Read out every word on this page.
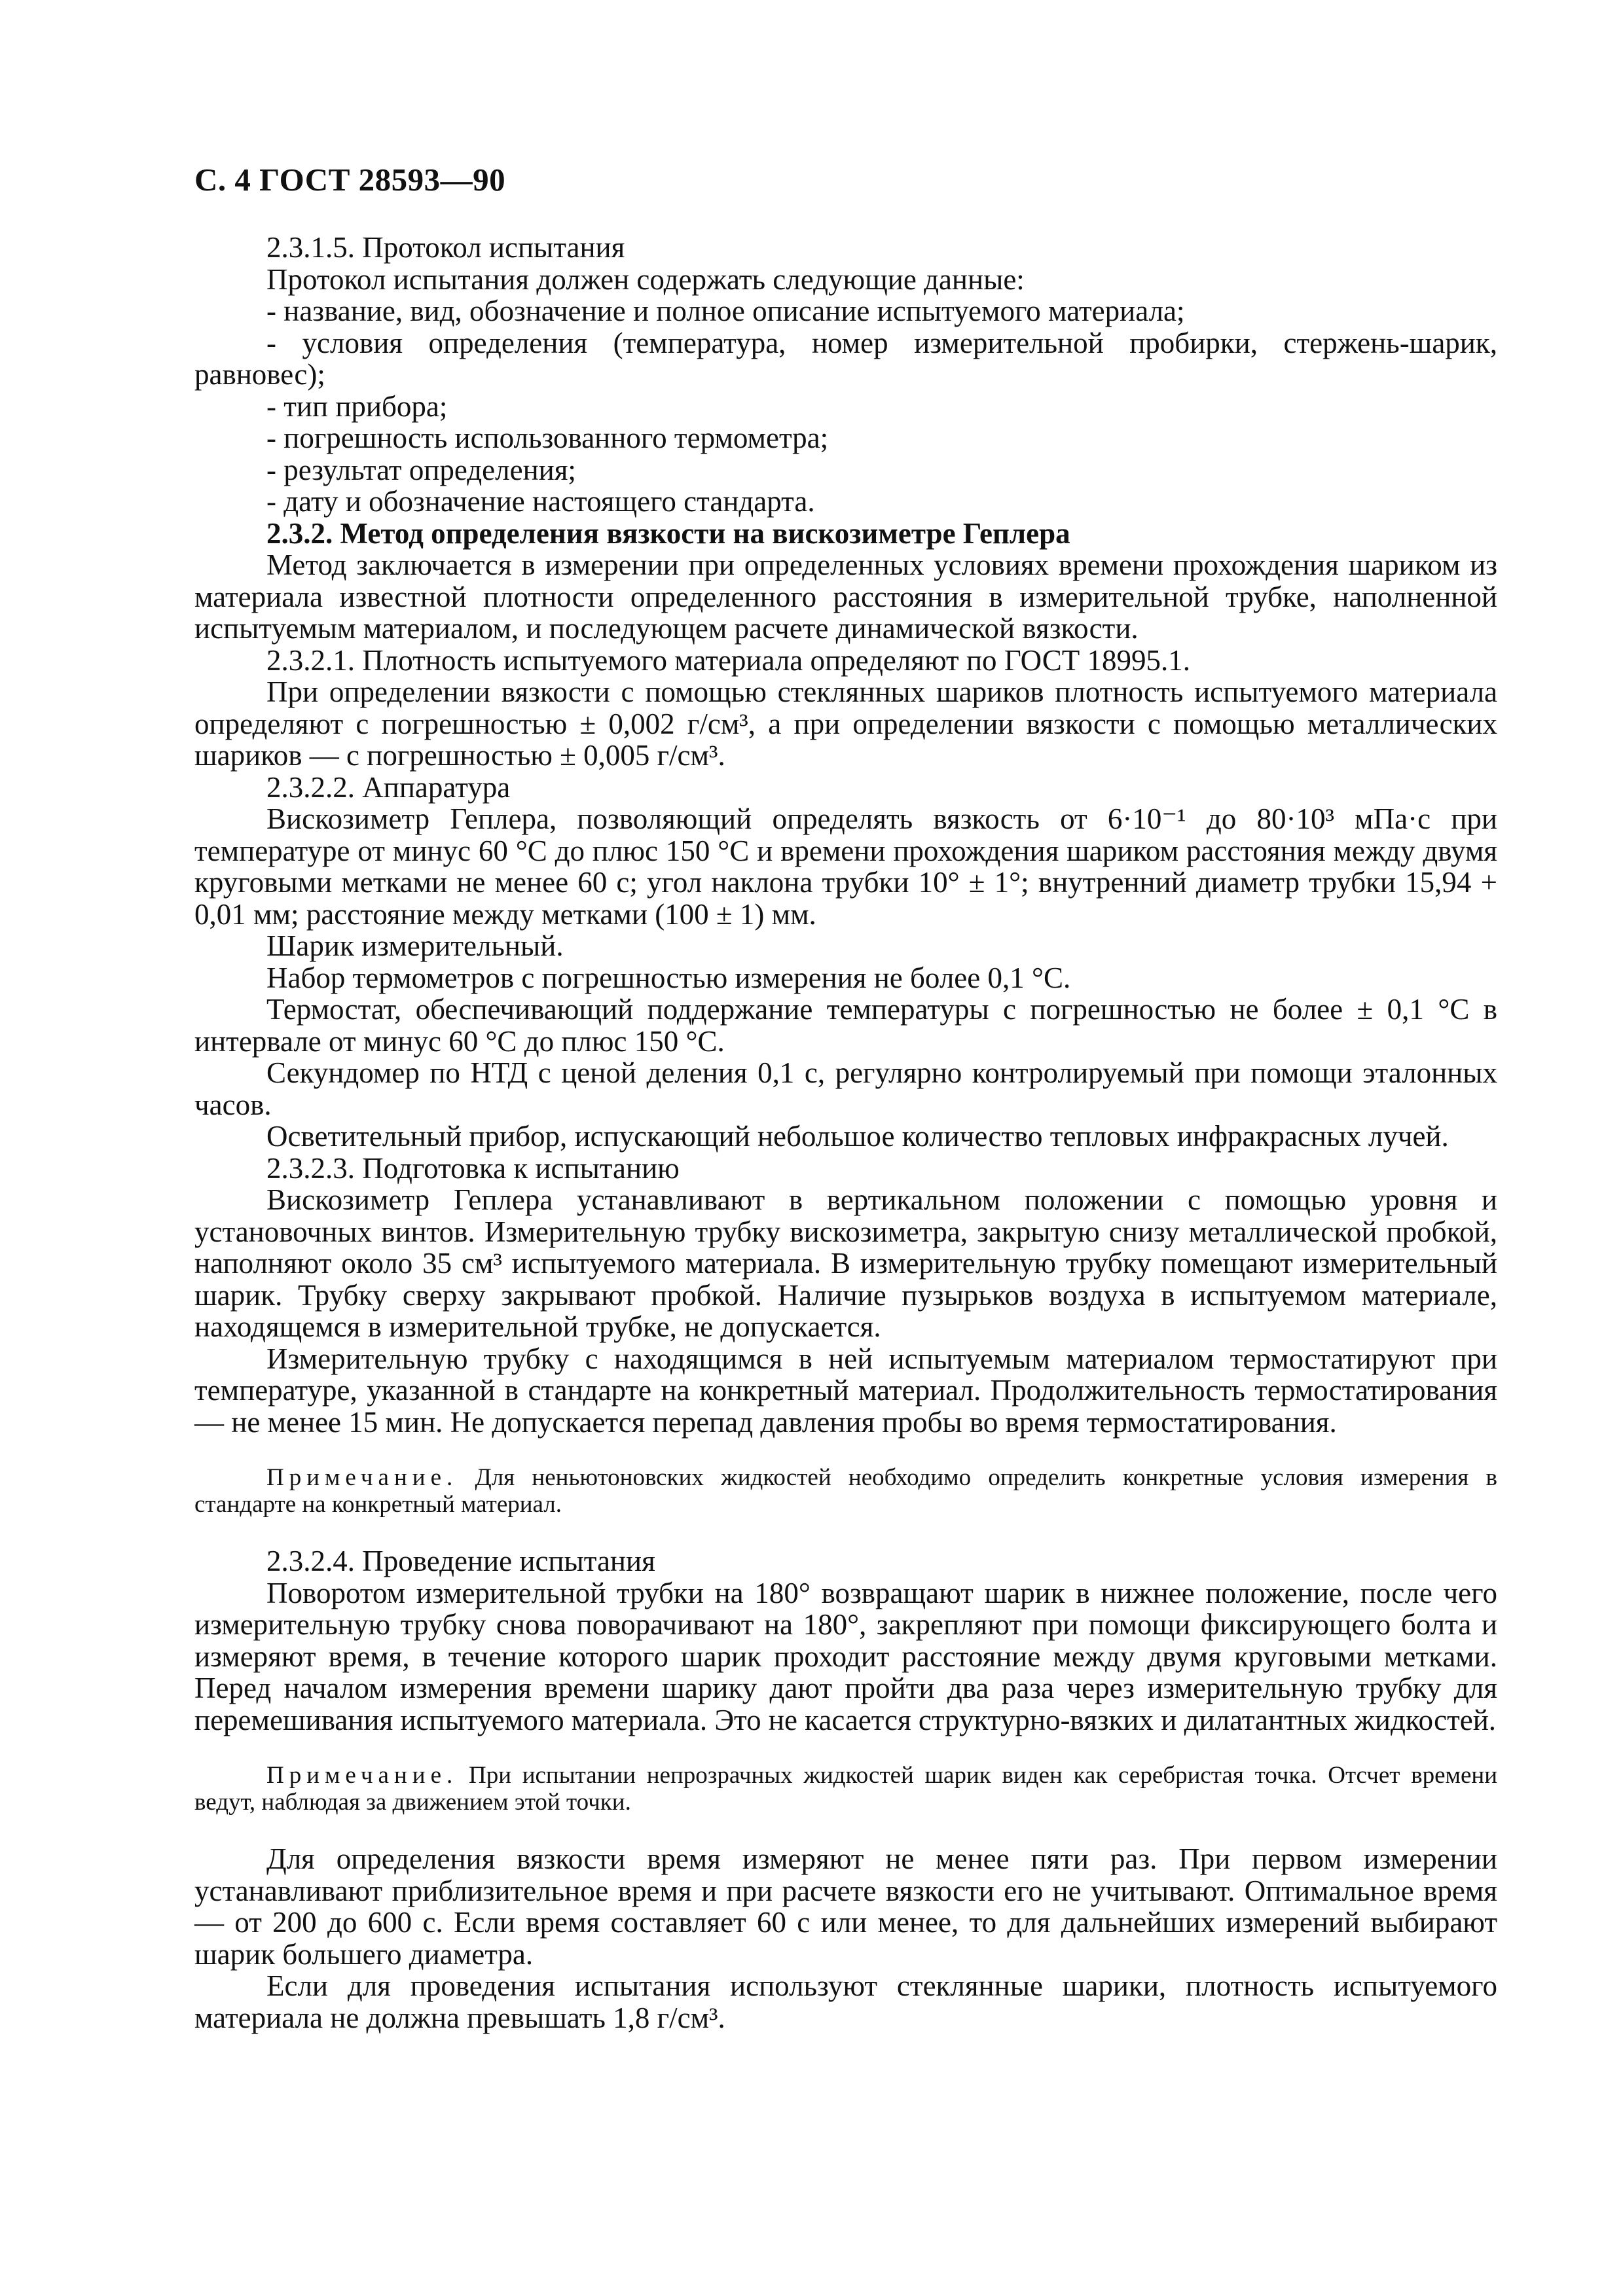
С. 4 ГОСТ 28593—90

2.3.1.5. Протокол испытания

Протокол испытания должен содержать следующие данные:

- название, вид, обозначение и полное описание испытуемого материала;

- условия определения (температура, номер измерительной пробирки, стержень-шарик, равновес);

- тип прибора;

- погрешность использованного термометра;

- результат определения;

- дату и обозначение настоящего стандарта.

2.3.2. Метод определения вязкости на вискозиметре Геплера

Метод заключается в измерении при определенных условиях времени прохождения шариком из материала известной плотности определенного расстояния в измерительной трубке, наполненной испытуемым материалом, и последующем расчете динамической вязкости.

2.3.2.1. Плотность испытуемого материала определяют по ГОСТ 18995.1.

При определении вязкости с помощью стеклянных шариков плотность испытуемого материала определяют с погрешностью ± 0,002 г/см³, а при определении вязкости с помощью металлических шариков — с погрешностью ± 0,005 г/см³.

2.3.2.2. Аппаратура

Вискозиметр Геплера, позволяющий определять вязкость от 6·10⁻¹ до 80·10³ мПа·с при температуре от минус 60 °С до плюс 150 °С и времени прохождения шариком расстояния между двумя круговыми метками не менее 60 с; угол наклона трубки 10° ± 1°; внутренний диаметр трубки 15,94 + 0,01 мм; расстояние между метками (100 ± 1) мм.

Шарик измерительный.

Набор термометров с погрешностью измерения не более 0,1 °С.

Термостат, обеспечивающий поддержание температуры с погрешностью не более ± 0,1 °С в интервале от минус 60 °С до плюс 150 °С.

Секундомер по НТД с ценой деления 0,1 с, регулярно контролируемый при помощи эталонных часов.

Осветительный прибор, испускающий небольшое количество тепловых инфракрасных лучей.

2.3.2.3. Подготовка к испытанию

Вискозиметр Геплера устанавливают в вертикальном положении с помощью уровня и установочных винтов. Измерительную трубку вискозиметра, закрытую снизу металлической пробкой, наполняют около 35 см³ испытуемого материала. В измерительную трубку помещают измерительный шарик. Трубку сверху закрывают пробкой. Наличие пузырьков воздуха в испытуемом материале, находящемся в измерительной трубке, не допускается.

Измерительную трубку с находящимся в ней испытуемым материалом термостатируют при температуре, указанной в стандарте на конкретный материал. Продолжительность термостатирования — не менее 15 мин. Не допускается перепад давления пробы во время термостатирования.

Примечание. Для неньютоновских жидкостей необходимо определить конкретные условия измерения в стандарте на конкретный материал.

2.3.2.4. Проведение испытания

Поворотом измерительной трубки на 180° возвращают шарик в нижнее положение, после чего измерительную трубку снова поворачивают на 180°, закрепляют при помощи фиксирующего болта и измеряют время, в течение которого шарик проходит расстояние между двумя круговыми метками. Перед началом измерения времени шарику дают пройти два раза через измерительную трубку для перемешивания испытуемого материала. Это не касается структурно-вязких и дилатантных жидкостей.

Примечание. При испытании непрозрачных жидкостей шарик виден как серебристая точка. Отсчет времени ведут, наблюдая за движением этой точки.

Для определения вязкости время измеряют не менее пяти раз. При первом измерении устанавливают приблизительное время и при расчете вязкости его не учитывают. Оптимальное время — от 200 до 600 с. Если время составляет 60 с или менее, то для дальнейших измерений выбирают шарик большего диаметра.

Если для проведения испытания используют стеклянные шарики, плотность испытуемого материала не должна превышать 1,8 г/см³.
